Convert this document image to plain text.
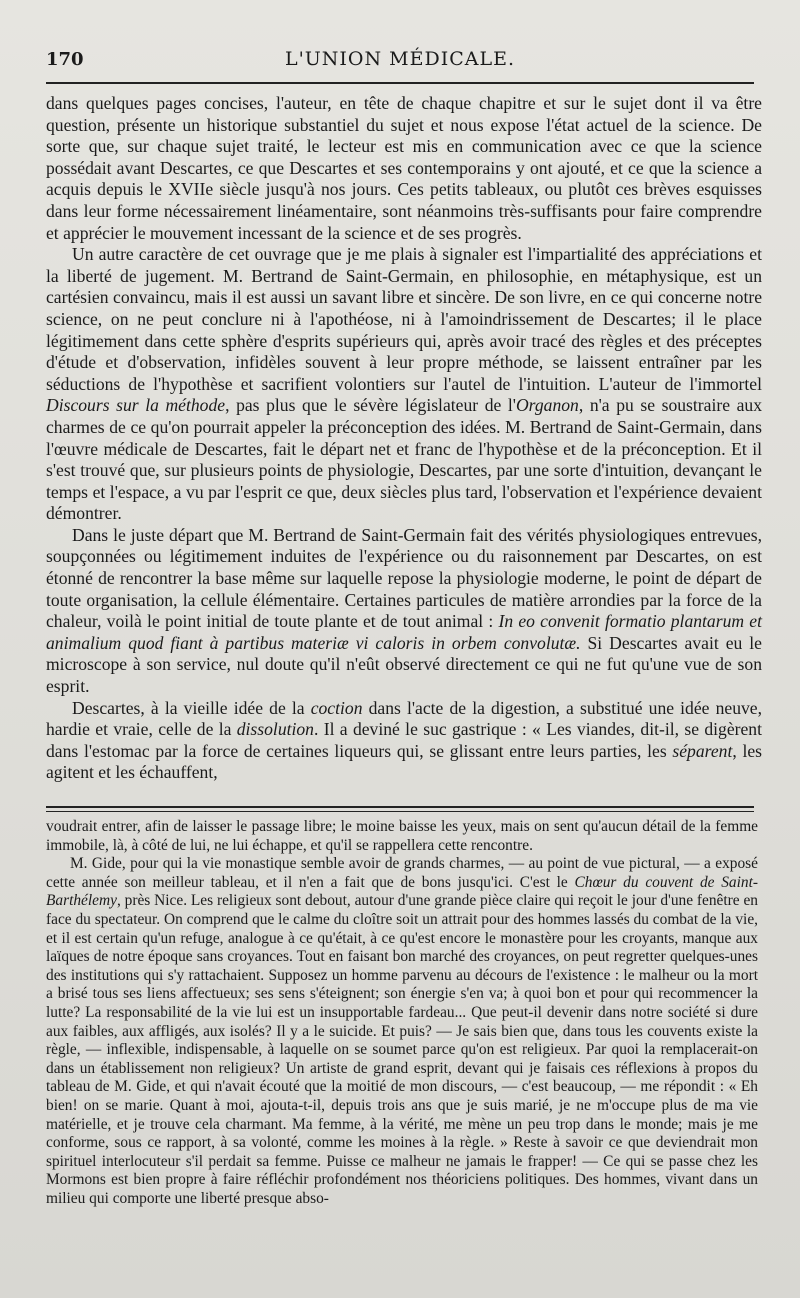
170	L'UNION MÉDICALE.

dans quelques pages concises, l'auteur, en tête de chaque chapitre et sur le sujet dont il va être question, présente un historique substantiel du sujet et nous expose l'état actuel de la science. De sorte que, sur chaque sujet traité, le lecteur est mis en communication avec ce que la science possédait avant Descartes, ce que Descartes et ses contemporains y ont ajouté, et ce que la science a acquis depuis le XVIIe siècle jusqu'à nos jours. Ces petits tableaux, ou plutôt ces brèves esquisses dans leur forme nécessairement linéamentaire, sont néanmoins très-suffisants pour faire comprendre et apprécier le mouvement incessant de la science et de ses progrès.

Un autre caractère de cet ouvrage que je me plais à signaler est l'impartialité des appréciations et la liberté de jugement. M. Bertrand de Saint-Germain, en philosophie, en métaphysique, est un cartésien convaincu, mais il est aussi un savant libre et sincère. De son livre, en ce qui concerne notre science, on ne peut conclure ni à l'apothéose, ni à l'amoindrissement de Descartes; il le place légitimement dans cette sphère d'esprits supérieurs qui, après avoir tracé des règles et des préceptes d'étude et d'observation, infidèles souvent à leur propre méthode, se laissent entraîner par les séductions de l'hypothèse et sacrifient volontiers sur l'autel de l'intuition. L'auteur de l'immortel Discours sur la méthode, pas plus que le sévère législateur de l'Organon, n'a pu se soustraire aux charmes de ce qu'on pourrait appeler la préconception des idées. M. Bertrand de Saint-Germain, dans l'œuvre médicale de Descartes, fait le départ net et franc de l'hypothèse et de la préconception. Et il s'est trouvé que, sur plusieurs points de physiologie, Descartes, par une sorte d'intuition, devançant le temps et l'espace, a vu par l'esprit ce que, deux siècles plus tard, l'observation et l'expérience devaient démontrer.

Dans le juste départ que M. Bertrand de Saint-Germain fait des vérités physiologiques entrevues, soupçonnées ou légitimement induites de l'expérience ou du raisonnement par Descartes, on est étonné de rencontrer la base même sur laquelle repose la physiologie moderne, le point de départ de toute organisation, la cellule élémentaire. Certaines particules de matière arrondies par la force de la chaleur, voilà le point initial de toute plante et de tout animal : In eo convenit formatio plantarum et animalium quod fiant à partibus materiæ vi caloris in orbem convolutæ. Si Descartes avait eu le microscope à son service, nul doute qu'il n'eût observé directement ce qui ne fut qu'une vue de son esprit.

Descartes, à la vieille idée de la coction dans l'acte de la digestion, a substitué une idée neuve, hardie et vraie, celle de la dissolution. Il a deviné le suc gastrique : « Les viandes, dit-il, se digèrent dans l'estomac par la force de certaines liqueurs qui, se glissant entre leurs parties, les séparent, les agitent et les échauffent,

voudrait entrer, afin de laisser le passage libre; le moine baisse les yeux, mais on sent qu'aucun détail de la femme immobile, là, à côté de lui, ne lui échappe, et qu'il se rappellera cette rencontre.

M. Gide, pour qui la vie monastique semble avoir de grands charmes, — au point de vue pictural, — a exposé cette année son meilleur tableau, et il n'en a fait que de bons jusqu'ici. C'est le Chœur du couvent de Saint-Barthélemy, près Nice. Les religieux sont debout, autour d'une grande pièce claire qui reçoit le jour d'une fenêtre en face du spectateur. On comprend que le calme du cloître soit un attrait pour des hommes lassés du combat de la vie, et il est certain qu'un refuge, analogue à ce qu'était, à ce qu'est encore le monastère pour les croyants, manque aux laïques de notre époque sans croyances. Tout en faisant bon marché des croyances, on peut regretter quelques-unes des institutions qui s'y rattachaient. Supposez un homme parvenu au décours de l'existence : le malheur ou la mort a brisé tous ses liens affectueux; ses sens s'éteignent; son énergie s'en va; à quoi bon et pour qui recommencer la lutte? La responsabilité de la vie lui est un insupportable fardeau... Que peut-il devenir dans notre société si dure aux faibles, aux affligés, aux isolés? Il y a le suicide. Et puis? — Je sais bien que, dans tous les couvents existe la règle, — inflexible, indispensable, à laquelle on se soumet parce qu'on est religieux. Par quoi la remplacerait-on dans un établissement non religieux? Un artiste de grand esprit, devant qui je faisais ces réflexions à propos du tableau de M. Gide, et qui n'avait écouté que la moitié de mon discours, — c'est beaucoup, — me répondit : « Eh bien! on se marie. Quant à moi, ajouta-t-il, depuis trois ans que je suis marié, je ne m'occupe plus de ma vie matérielle, et je trouve cela charmant. Ma femme, à la vérité, me mène un peu trop dans le monde; mais je me conforme, sous ce rapport, à sa volonté, comme les moines à la règle. » Reste à savoir ce que deviendrait mon spirituel interlocuteur s'il perdait sa femme. Puisse ce malheur ne jamais le frapper! — Ce qui se passe chez les Mormons est bien propre à faire réfléchir profondément nos théoriciens politiques. Des hommes, vivant dans un milieu qui comporte une liberté presque abso-
